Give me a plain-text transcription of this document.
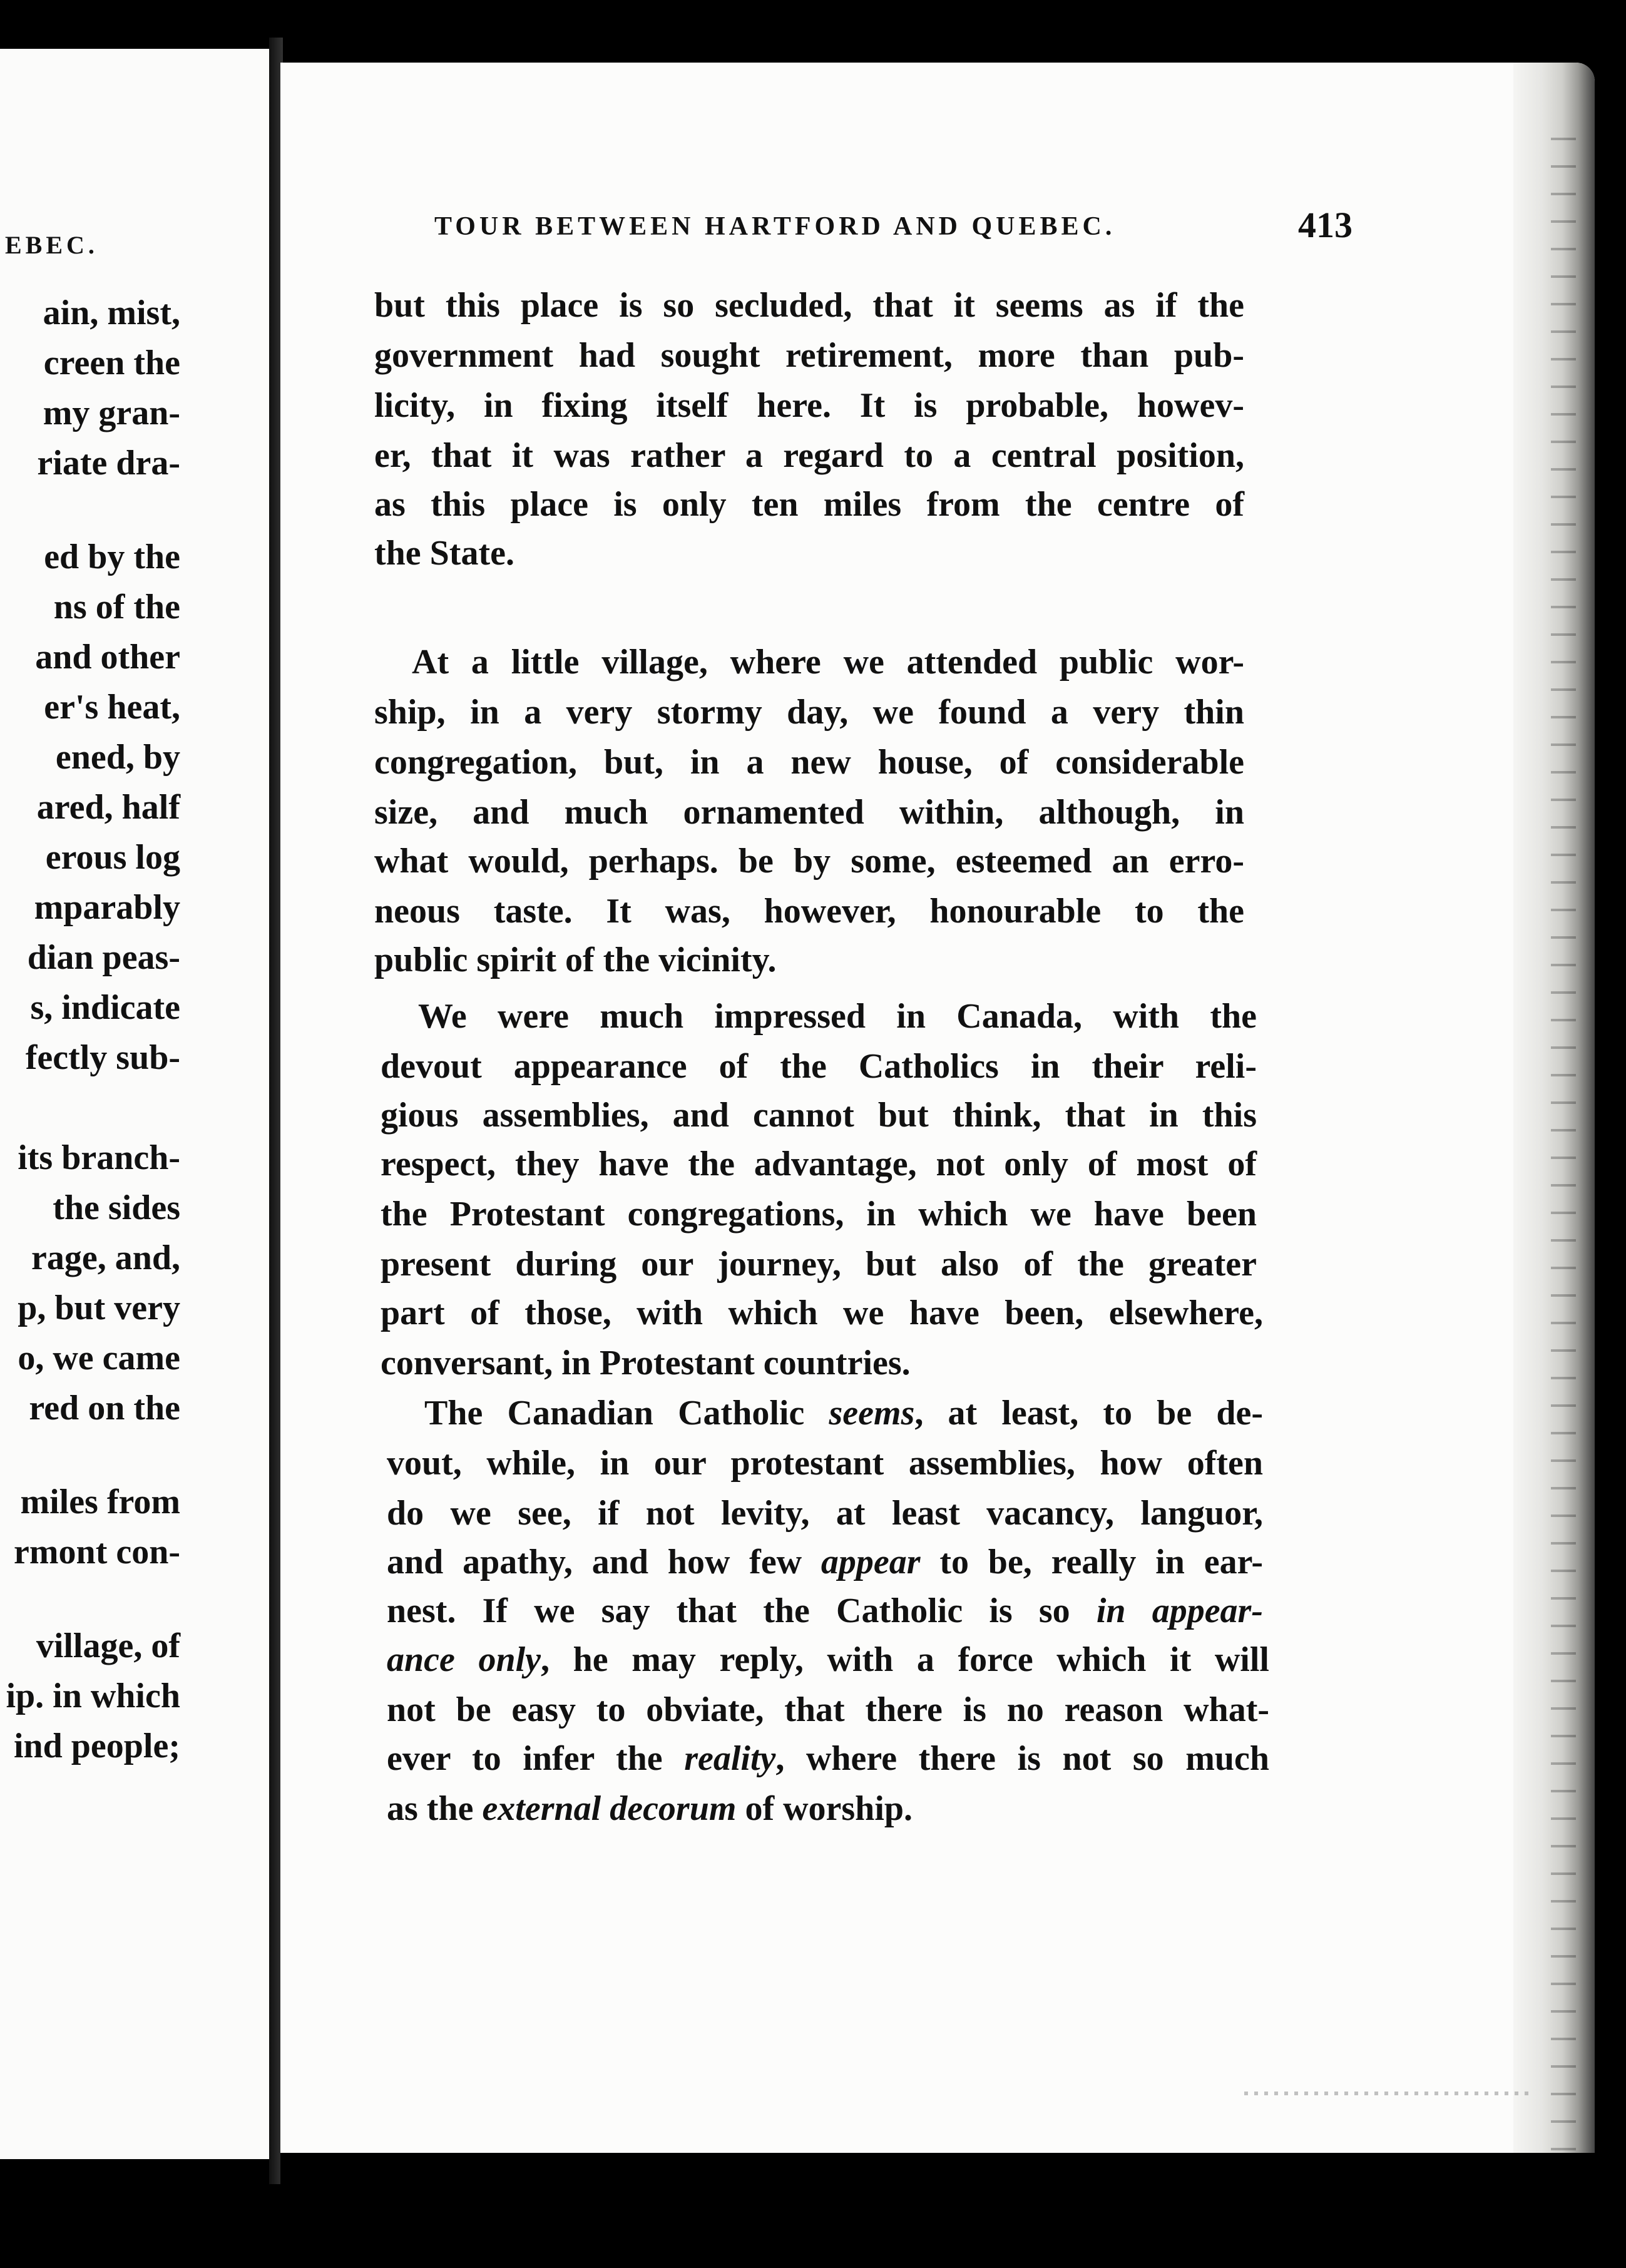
EBEC.
ain, mist,
creen the
my gran-
riate dra-
ed by the
ns of the
and other
er's heat,
ened, by
ared, half
erous log
mparably
dian peas-
s, indicate
fectly sub-
its branch-
the sides
rage, and,
p, but very
o, we came
red on the
miles from
rmont con-
village, of
ip. in which
ind people;
TOUR BETWEEN HARTFORD AND QUEBEC.	413
but this place is so secluded, that it seems as if the
government had sought retirement, more than pub-
licity, in fixing itself here. It is probable, howev-
er, that it was rather a regard to a central position,
as this place is only ten miles from the centre of
the State.
At a little village, where we attended public wor-
ship, in a very stormy day, we found a very thin
congregation, but, in a new house, of considerable
size, and much ornamented within, although, in
what would, perhaps. be by some, esteemed an erro-
neous taste. It was, however, honourable to the
public spirit of the vicinity.
We were much impressed in Canada, with the
devout appearance of the Catholics in their reli-
gious assemblies, and cannot but think, that in this
respect, they have the advantage, not only of most of
the Protestant congregations, in which we have been
present during our journey, but also of the greater
part of those, with which we have been, elsewhere,
conversant, in Protestant countries.
The Canadian Catholic seems, at least, to be de-
vout, while, in our protestant assemblies, how often
do we see, if not levity, at least vacancy, languor,
and apathy, and how few appear to be, really in ear-
nest. If we say that the Catholic is so in appear-
ance only, he may reply, with a force which it will
not be easy to obviate, that there is no reason what-
ever to infer the reality, where there is not so much
as the external decorum of worship.
